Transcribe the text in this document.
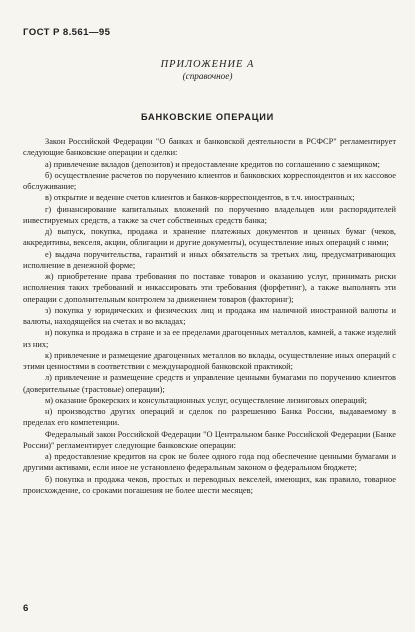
ГОСТ Р 8.561—95
ПРИЛОЖЕНИЕ А
(справочное)
БАНКОВСКИЕ ОПЕРАЦИИ

Закон Российской Федерации "О банках и банковской деятельности в РСФСР" регламентирует следующие банковские операции и сделки:

а) привлечение вкладов (депозитов) и предоставление кредитов по соглашению с заемщиком;

б) осуществление расчетов по поручению клиентов и банковских корреспондентов и их кассовое обслуживание;

в) открытие и ведение счетов клиентов и банков-корреспондентов, в т.ч. иностранных;

г) финансирование капитальных вложений по поручению владельцев или распорядителей инвестируемых средств, а также за счет собственных средств банка;

д) выпуск, покупка, продажа и хранение платежных документов и ценных бумаг (чеков, аккредитивы, векселя, акции, облигации и другие документы), осуществление иных операций с ними;

е) выдача поручительства, гарантий и иных обязательств за третьих лиц, предусматривающих исполнение в денежной форме;

ж) приобретение права требования по поставке товаров и оказанию услуг, принимать риски исполнения таких требований и инкассировать эти требования (форфетинг), а также выполнять эти операции с дополнительным контролем за движением товаров (факторинг);

з) покупка у юридических и физических лиц и продажа им наличной иностранной валюты и валюты, находящейся на счетах и во вкладах;

и) покупка и продажа в стране и за ее пределами драгоценных металлов, камней, а также изделий из них;

к) привлечение и размещение драгоценных металлов во вклады, осуществление иных операций с этими ценностями в соответствии с международной банковской практикой;

л) привлечение и размещение средств и управление ценными бумагами по поручению клиентов (доверительные (трастовые) операции);

м) оказание брокерских и консультационных услуг, осуществление лизинговых операций;

н) производство других операций и сделок по разрешению Банка России, выдаваемому в пределах его компетенции.

Федеральный закон Российской Федерации "О Центральном банке Российской Федерации (Банке России)" регламентирует следующие банковские операции:

а) предоставление кредитов на срок не более одного года под обеспечение ценными бумагами и другими активами, если иное не установлено федеральным законом о федеральном бюджете;

б) покупка и продажа чеков, простых и переводных векселей, имеющих, как правило, товарное происхождение, со сроками погашения не более шести месяцев;

6
